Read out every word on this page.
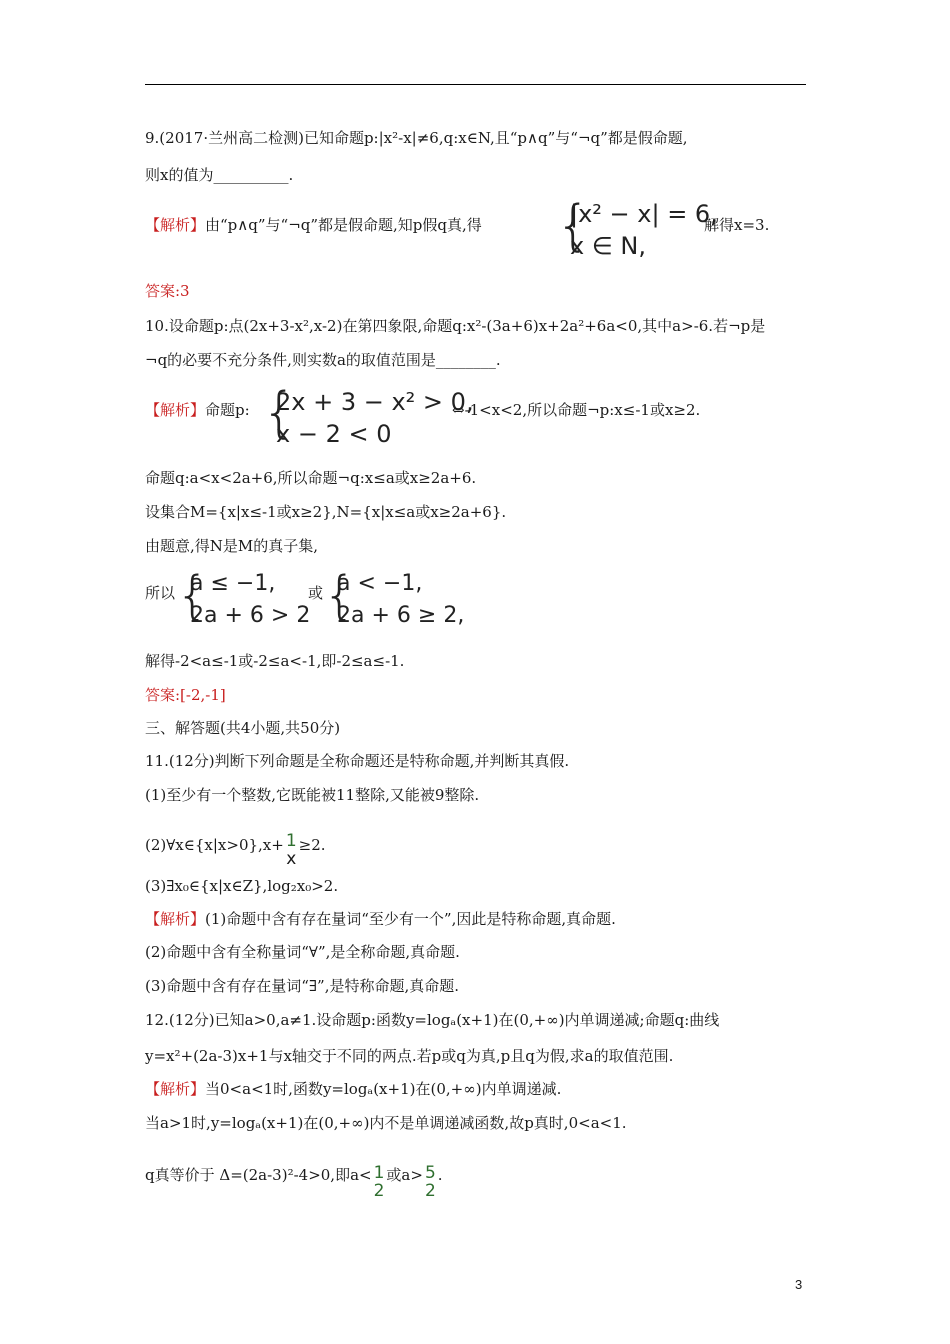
9.(2017·兰州高二检测)已知命题p:|x²-x|≠6,q:x∈N,且“p∧q”与“¬q”都是假命题,
则x的值为__________.
【解析】由“p∧q”与“¬q”都是假命题,知p假q真,得 {
|x² − x| = 6,
x ∈ N,
解得x=3.
答案:3
10.设命题p:点(2x+3-x²,x-2)在第四象限,命题q:x²-(3a+6)x+2a²+6a<0,其中a>-6.若¬p是
¬q的必要不充分条件,则实数a的取值范围是________.
【解析】命题p: {
2x + 3 − x² > 0,
x − 2 < 0
⇔-1<x<2,所以命题¬p:x≤-1或x≥2.
命题q:a<x<2a+6,所以命题¬q:x≤a或x≥2a+6.
设集合M={x|x≤-1或x≥2},N={x|x≤a或x≥2a+6}.
由题意,得N是M的真子集,
所以 {
a ≤ −1,
2a + 6 > 2
或 {
a < −1,
2a + 6 ≥ 2,
解得-2<a≤-1或-2≤a<-1,即-2≤a≤-1.
答案:[-2,-1]
三、解答题(共4小题,共50分)
11.(12分)判断下列命题是全称命题还是特称命题,并判断其真假.
(1)至少有一个整数,它既能被11整除,又能被9整除.
(2)∀x∈{x|x>0},x+ 1
x
≥2.
(3)∃x₀∈{x|x∈Z},log₂x₀>2.
【解析】(1)命题中含有存在量词“至少有一个”,因此是特称命题,真命题.
(2)命题中含有全称量词“∀”,是全称命题,真命题.
(3)命题中含有存在量词“∃”,是特称命题,真命题.
12.(12分)已知a>0,a≠1.设命题p:函数y=logₐ(x+1)在(0,+∞)内单调递减;命题q:曲线
y=x²+(2a-3)x+1与x轴交于不同的两点.若p或q为真,p且q为假,求a的取值范围.
【解析】当0<a<1时,函数y=logₐ(x+1)在(0,+∞)内单调递减.
当a>1时,y=logₐ(x+1)在(0,+∞)内不是单调递减函数,故p真时,0<a<1.
q真等价于 Δ=(2a-3)²-4>0,即a< 1
2
或a> 5
2
.
3
